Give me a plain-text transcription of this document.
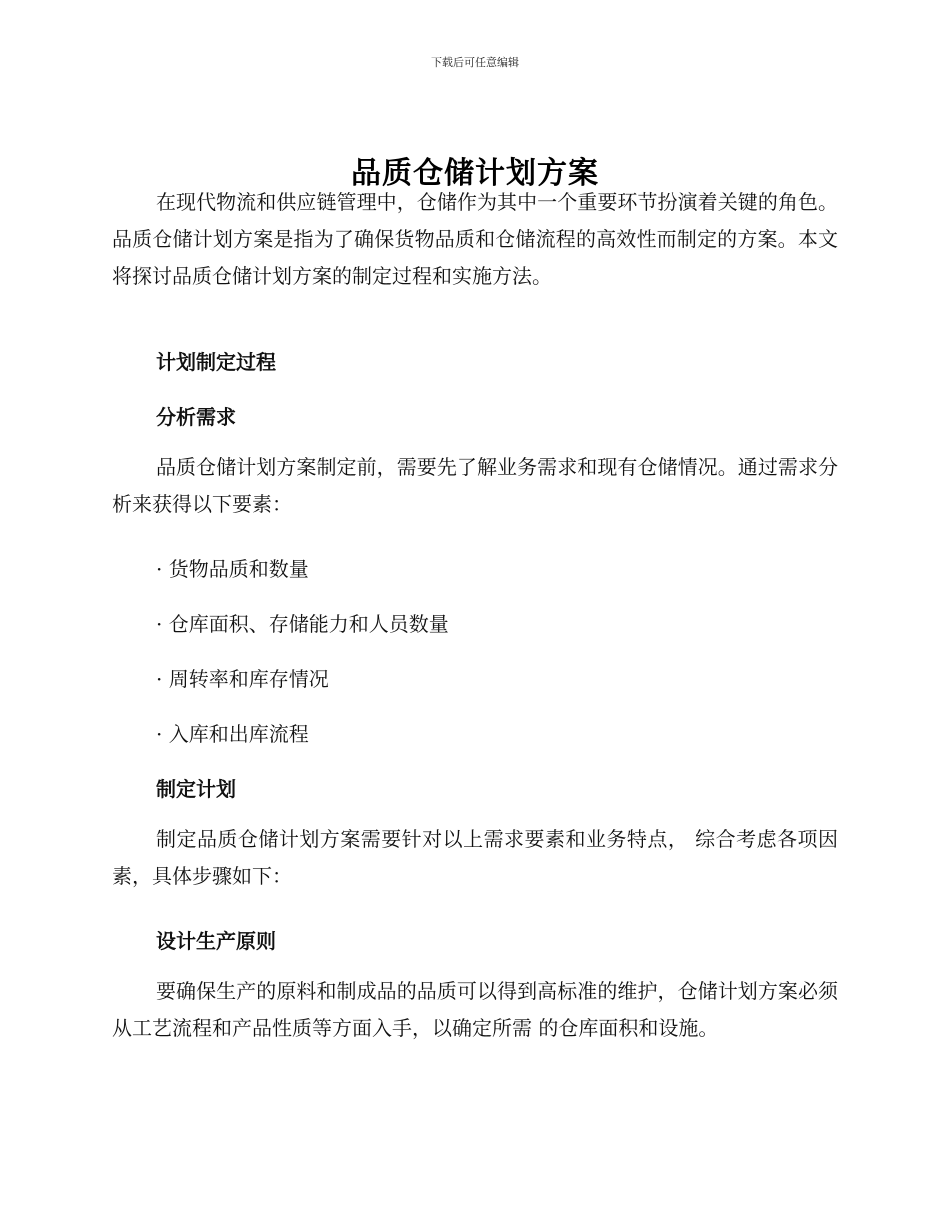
下载后可任意编辑
品质仓储计划方案

在现代物流和供应链管理中，仓储作为其中一个重要环节扮演着关键的角色。品质仓储计划方案是指为了确保货物品质和仓储流程的高效性而制定的方案。本文将探讨品质仓储计划方案的制定过程和实施方法。

计划制定过程
分析需求

品质仓储计划方案制定前，需要先了解业务需求和现有仓储情况。通过需求分析来获得以下要素：

· 货物品质和数量
· 仓库面积、存储能力和人员数量
· 周转率和库存情况
· 入库和出库流程
制定计划

制定品质仓储计划方案需要针对以上需求要素和业务特点， 综合考虑各项因素，具体步骤如下：

设计生产原则

要确保生产的原料和制成品的品质可以得到高标准的维护，仓储计划方案必须从工艺流程和产品性质等方面入手，以确定所需 的仓库面积和设施。
